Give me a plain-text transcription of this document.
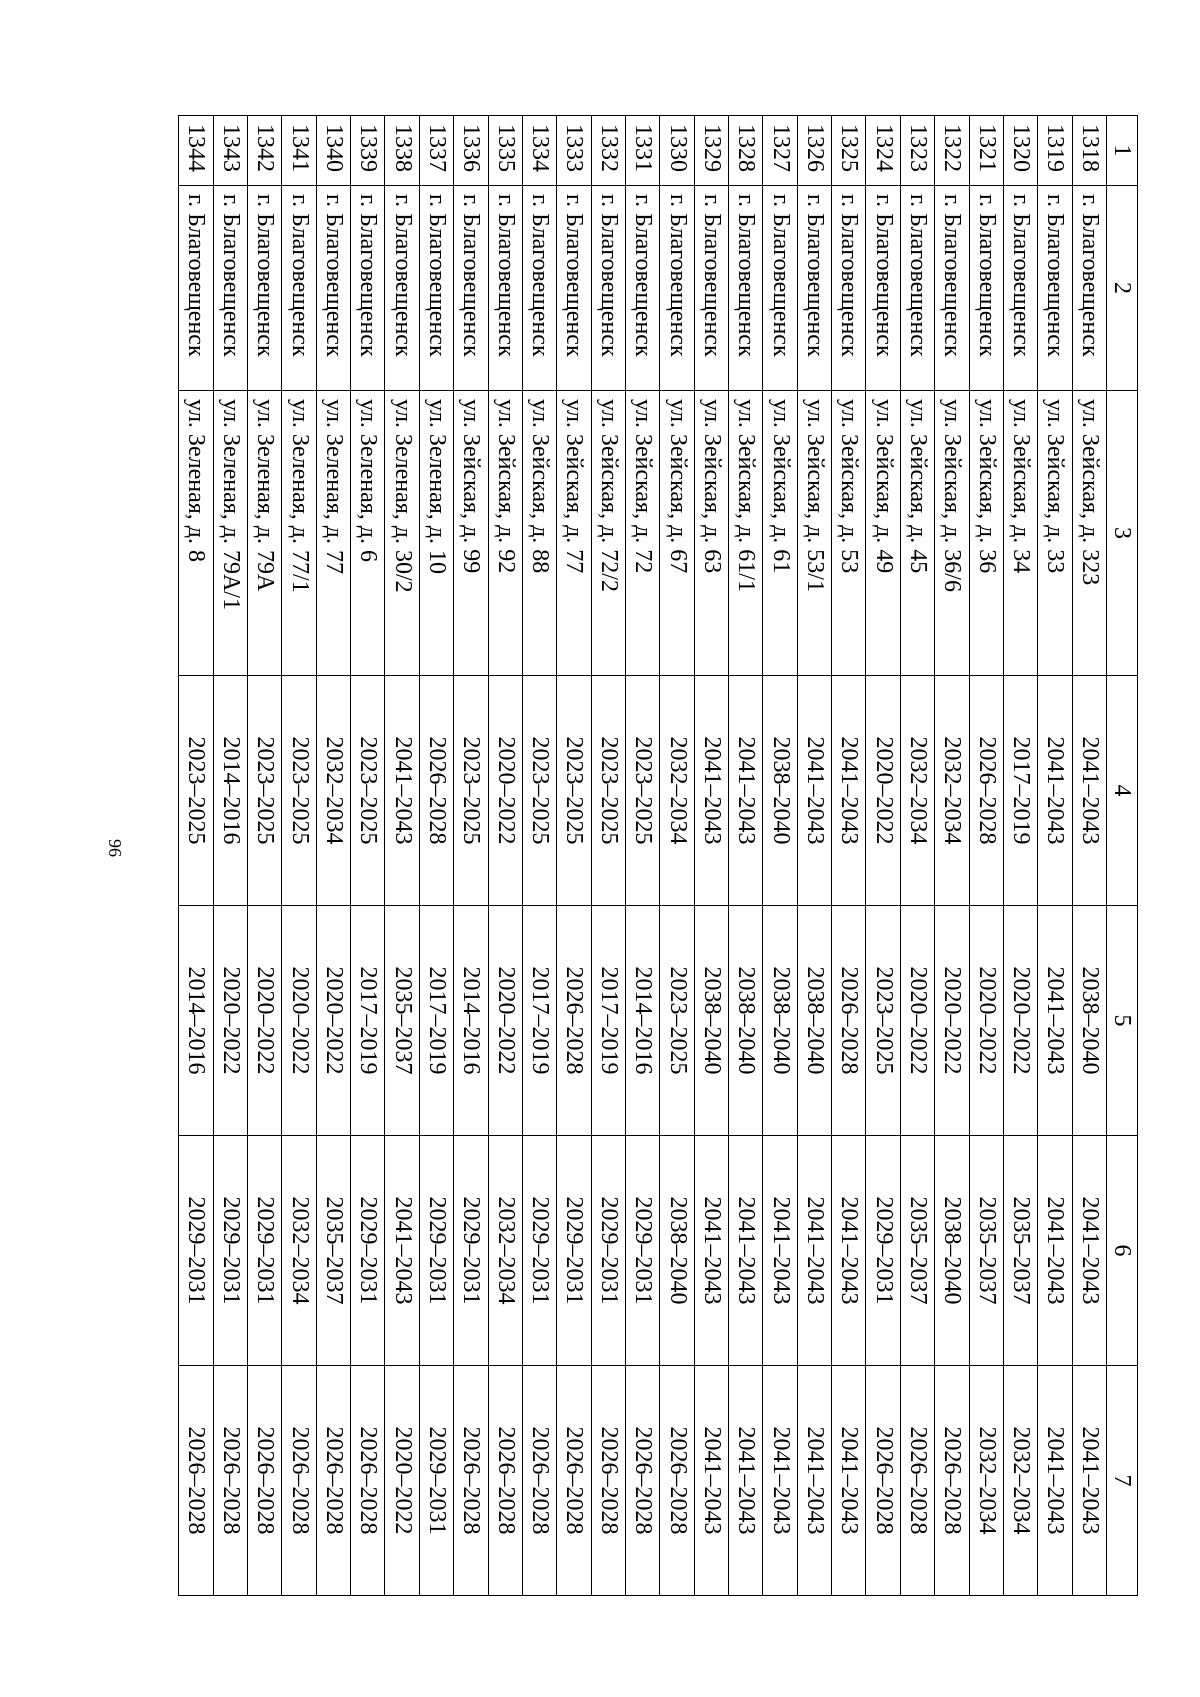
96
1	2	3	4	5	6	7
1318	г. Благовещенск	ул. Зейская, д. 323	2041–2043	2038–2040	2041–2043	2041–2043
1319	г. Благовещенск	ул. Зейская, д. 33	2041–2043	2041–2043	2041–2043	2041–2043
1320	г. Благовещенск	ул. Зейская, д. 34	2017–2019	2020–2022	2035–2037	2032–2034
1321	г. Благовещенск	ул. Зейская, д. 36	2026–2028	2020–2022	2035–2037	2032–2034
1322	г. Благовещенск	ул. Зейская, д. 36/6	2032–2034	2020–2022	2038–2040	2026–2028
1323	г. Благовещенск	ул. Зейская, д. 45	2032–2034	2020–2022	2035–2037	2026–2028
1324	г. Благовещенск	ул. Зейская, д. 49	2020–2022	2023–2025	2029–2031	2026–2028
1325	г. Благовещенск	ул. Зейская, д. 53	2041–2043	2026–2028	2041–2043	2041–2043
1326	г. Благовещенск	ул. Зейская, д. 53/1	2041–2043	2038–2040	2041–2043	2041–2043
1327	г. Благовещенск	ул. Зейская, д. 61	2038–2040	2038–2040	2041–2043	2041–2043
1328	г. Благовещенск	ул. Зейская, д. 61/1	2041–2043	2038–2040	2041–2043	2041–2043
1329	г. Благовещенск	ул. Зейская, д. 63	2041–2043	2038–2040	2041–2043	2041–2043
1330	г. Благовещенск	ул. Зейская, д. 67	2032–2034	2023–2025	2038–2040	2026–2028
1331	г. Благовещенск	ул. Зейская, д. 72	2023–2025	2014–2016	2029–2031	2026–2028
1332	г. Благовещенск	ул. Зейская, д. 72/2	2023–2025	2017–2019	2029–2031	2026–2028
1333	г. Благовещенск	ул. Зейская, д. 77	2023–2025	2026–2028	2029–2031	2026–2028
1334	г. Благовещенск	ул. Зейская, д. 88	2023–2025	2017–2019	2029–2031	2026–2028
1335	г. Благовещенск	ул. Зейская, д. 92	2020–2022	2020–2022	2032–2034	2026–2028
1336	г. Благовещенск	ул. Зейская, д. 99	2023–2025	2014–2016	2029–2031	2026–2028
1337	г. Благовещенск	ул. Зеленая, д. 10	2026–2028	2017–2019	2029–2031	2029–2031
1338	г. Благовещенск	ул. Зеленая, д. 30/2	2041–2043	2035–2037	2041–2043	2020–2022
1339	г. Благовещенск	ул. Зеленая, д. 6	2023–2025	2017–2019	2029–2031	2026–2028
1340	г. Благовещенск	ул. Зеленая, д. 77	2032–2034	2020–2022	2035–2037	2026–2028
1341	г. Благовещенск	ул. Зеленая, д. 77/1	2023–2025	2020–2022	2032–2034	2026–2028
1342	г. Благовещенск	ул. Зеленая, д. 79А	2023–2025	2020–2022	2029–2031	2026–2028
1343	г. Благовещенск	ул. Зеленая, д. 79А/1	2014–2016	2020–2022	2029–2031	2026–2028
1344	г. Благовещенск	ул. Зеленая, д. 8	2023–2025	2014–2016	2029–2031	2026–2028
